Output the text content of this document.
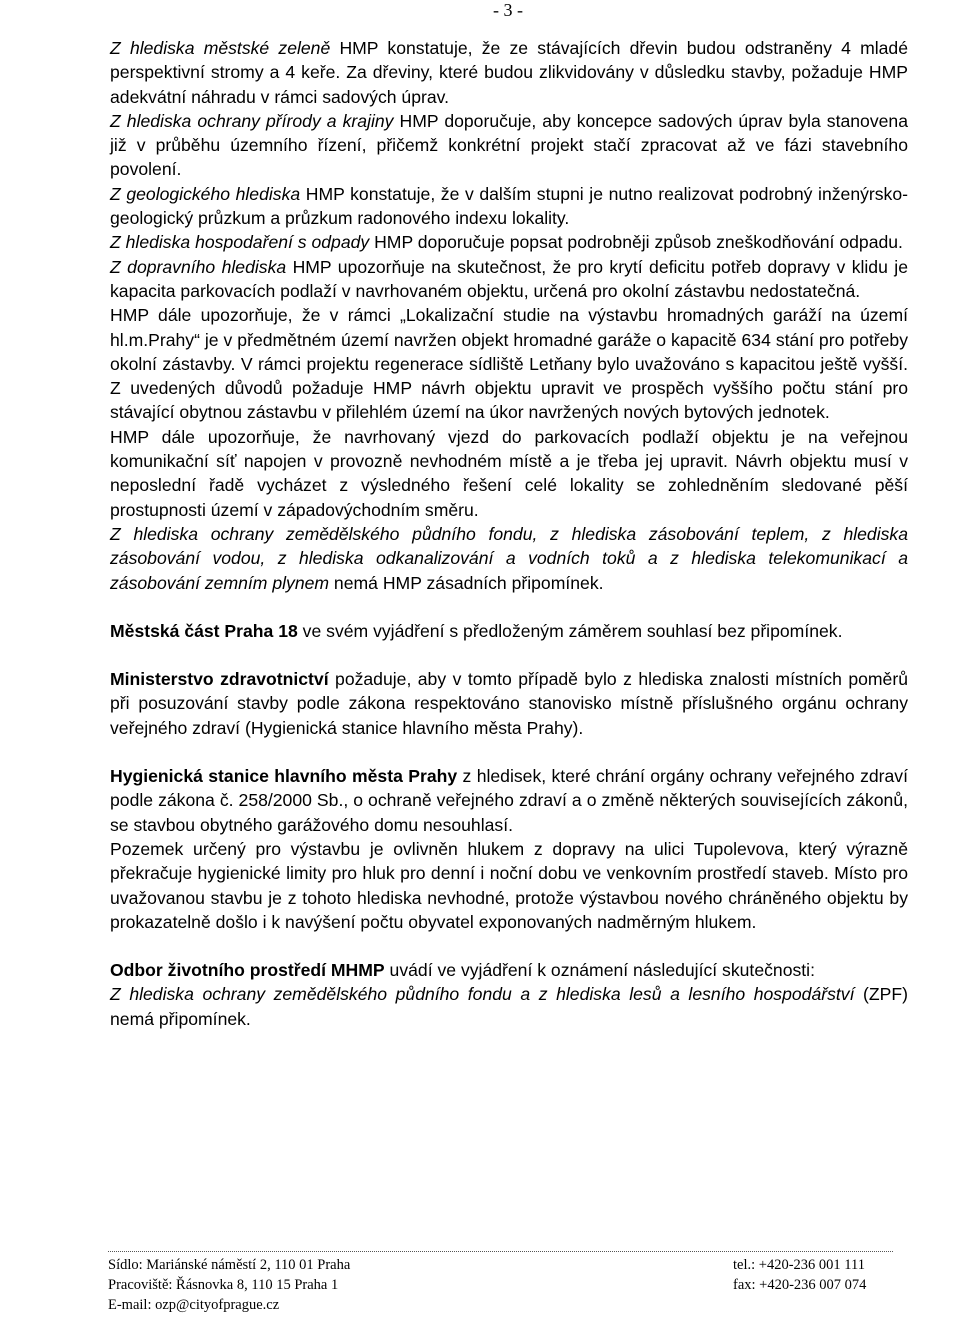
- 3 -

Z hlediska městské zeleně HMP konstatuje, že ze stávajících dřevin budou odstraněny 4 mladé perspektivní stromy a 4 keře. Za dřeviny, které budou zlikvidovány v důsledku stavby, požaduje HMP adekvátní náhradu v rámci sadových úprav.

Z hlediska ochrany přírody a krajiny HMP doporučuje, aby koncepce sadových úprav byla stanovena již v průběhu územního řízení, přičemž konkrétní projekt stačí zpracovat až ve fázi stavebního povolení.

Z geologického hlediska HMP konstatuje, že v dalším stupni je nutno realizovat podrobný inženýrsko-geologický průzkum a průzkum radonového indexu lokality.

Z hlediska hospodaření s odpady HMP doporučuje popsat podrobněji způsob zneškodňování odpadu.

Z dopravního hlediska HMP upozorňuje na skutečnost, že pro krytí deficitu potřeb dopravy v klidu je kapacita parkovacích podlaží v navrhovaném objektu, určená pro okolní zástavbu nedostatečná.

HMP dále upozorňuje, že v rámci „Lokalizační studie na výstavbu hromadných garáží na území hl.m.Prahy“ je v předmětném území navržen objekt hromadné garáže o kapacitě 634 stání pro potřeby okolní zástavby. V rámci projektu regenerace sídliště Letňany bylo uvažováno s kapacitou ještě vyšší. Z uvedených důvodů požaduje HMP návrh objektu upravit ve prospěch vyššího počtu stání pro stávající obytnou zástavbu v přilehlém území na úkor navržených nových bytových jednotek.

HMP dále upozorňuje, že navrhovaný vjezd do parkovacích podlaží objektu je na veřejnou komunikační síť napojen v provozně nevhodném místě a je třeba jej upravit. Návrh objektu musí v neposlední řadě vycházet z výsledného řešení celé lokality se zohledněním sledované pěší prostupnosti území v západovýchodním směru.

Z hlediska ochrany zemědělského půdního fondu, z hlediska zásobování teplem, z hlediska zásobování vodou, z hlediska odkanalizování a vodních toků a z hlediska telekomunikací a zásobování zemním plynem nemá HMP zásadních připomínek.

Městská část Praha 18 ve svém vyjádření s předloženým záměrem souhlasí bez připomínek.

Ministerstvo zdravotnictví požaduje, aby v tomto případě bylo z hlediska znalosti místních poměrů při posuzování stavby podle zákona respektováno stanovisko místně příslušného orgánu ochrany veřejného zdraví (Hygienická stanice hlavního města Prahy).

Hygienická stanice hlavního města Prahy z hledisek, které chrání orgány ochrany veřejného zdraví podle zákona č. 258/2000 Sb., o ochraně veřejného zdraví a o změně některých souvisejících zákonů, se stavbou obytného garážového domu nesouhlasí.

Pozemek určený pro výstavbu je ovlivněn hlukem z dopravy na ulici Tupolevova, který výrazně překračuje hygienické limity pro hluk pro denní i noční dobu ve venkovním prostředí staveb. Místo pro uvažovanou stavbu je z tohoto hlediska nevhodné, protože výstavbou nového chráněného objektu by prokazatelně došlo i k navýšení počtu obyvatel exponovaných nadměrným hlukem.

Odbor životního prostředí MHMP uvádí ve vyjádření k oznámení následující skutečnosti:

Z hlediska ochrany zemědělského půdního fondu a z hlediska lesů a lesního hospodářství (ZPF) nemá připomínek.

Sídlo: Mariánské náměstí 2, 110 01 Praha	tel.: +420-236 001 111
Pracoviště: Řásnovka 8, 110 15 Praha 1	fax: +420-236 007 074
E-mail: ozp@cityofprague.cz
